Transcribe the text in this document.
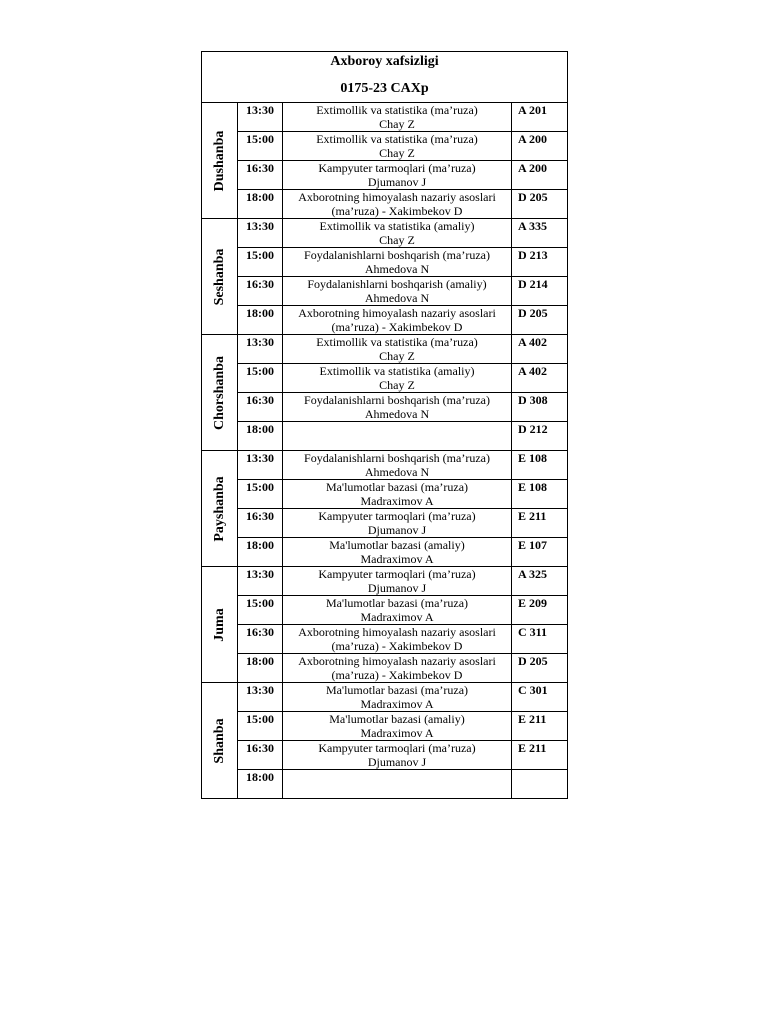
Axboroy xafsizligi
0175-23 CAXp			

Dushanba	13:30	Extimollik va statistika (ma’ruza)
Chay Z	A 201
	15:00	Extimollik va statistika (ma’ruza)
Chay Z	A 200
	16:30	Kampyuter tarmoqlari (ma’ruza)
Djumanov J	A 200
	18:00	Axborotning himoyalash nazariy asoslari
(ma’ruza) - Xakimbekov D	D 205

Seshanba	13:30	Extimollik va statistika (amaliy)
Chay Z	A 335
	15:00	Foydalanishlarni boshqarish (ma’ruza)
Ahmedova N	D 213
	16:30	Foydalanishlarni boshqarish (amaliy)
Ahmedova N	D 214
	18:00	Axborotning himoyalash nazariy asoslari
(ma’ruza) - Xakimbekov D	D 205

Chorshanba	13:30	Extimollik va statistika (ma’ruza)
Chay Z	A 402
	15:00	Extimollik va statistika (amaliy)
Chay Z	A 402
	16:30	Foydalanishlarni boshqarish (ma’ruza)
Ahmedova N	D 308
	18:00		D 212

Payshanba	13:30	Foydalanishlarni boshqarish (ma’ruza)
Ahmedova N	E 108
	15:00	Ma'lumotlar bazasi (ma’ruza)
Madraximov A	E 108
	16:30	Kampyuter tarmoqlari (ma’ruza)
Djumanov J	E 211
	18:00	Ma'lumotlar bazasi (amaliy)
Madraximov A	E 107

Juma	13:30	Kampyuter tarmoqlari (ma’ruza)
Djumanov J	A 325
	15:00	Ma'lumotlar bazasi (ma’ruza)
Madraximov A	E 209
	16:30	Axborotning himoyalash nazariy asoslari
(ma’ruza) - Xakimbekov D	C 311
	18:00	Axborotning himoyalash nazariy asoslari
(ma’ruza) - Xakimbekov D	D 205

Shanba	13:30	Ma'lumotlar bazasi (ma’ruza)
Madraximov A	C 301
	15:00	Ma'lumotlar bazasi (amaliy)
Madraximov A	E 211
	16:30	Kampyuter tarmoqlari (ma’ruza)
Djumanov J	E 211
	18:00	
